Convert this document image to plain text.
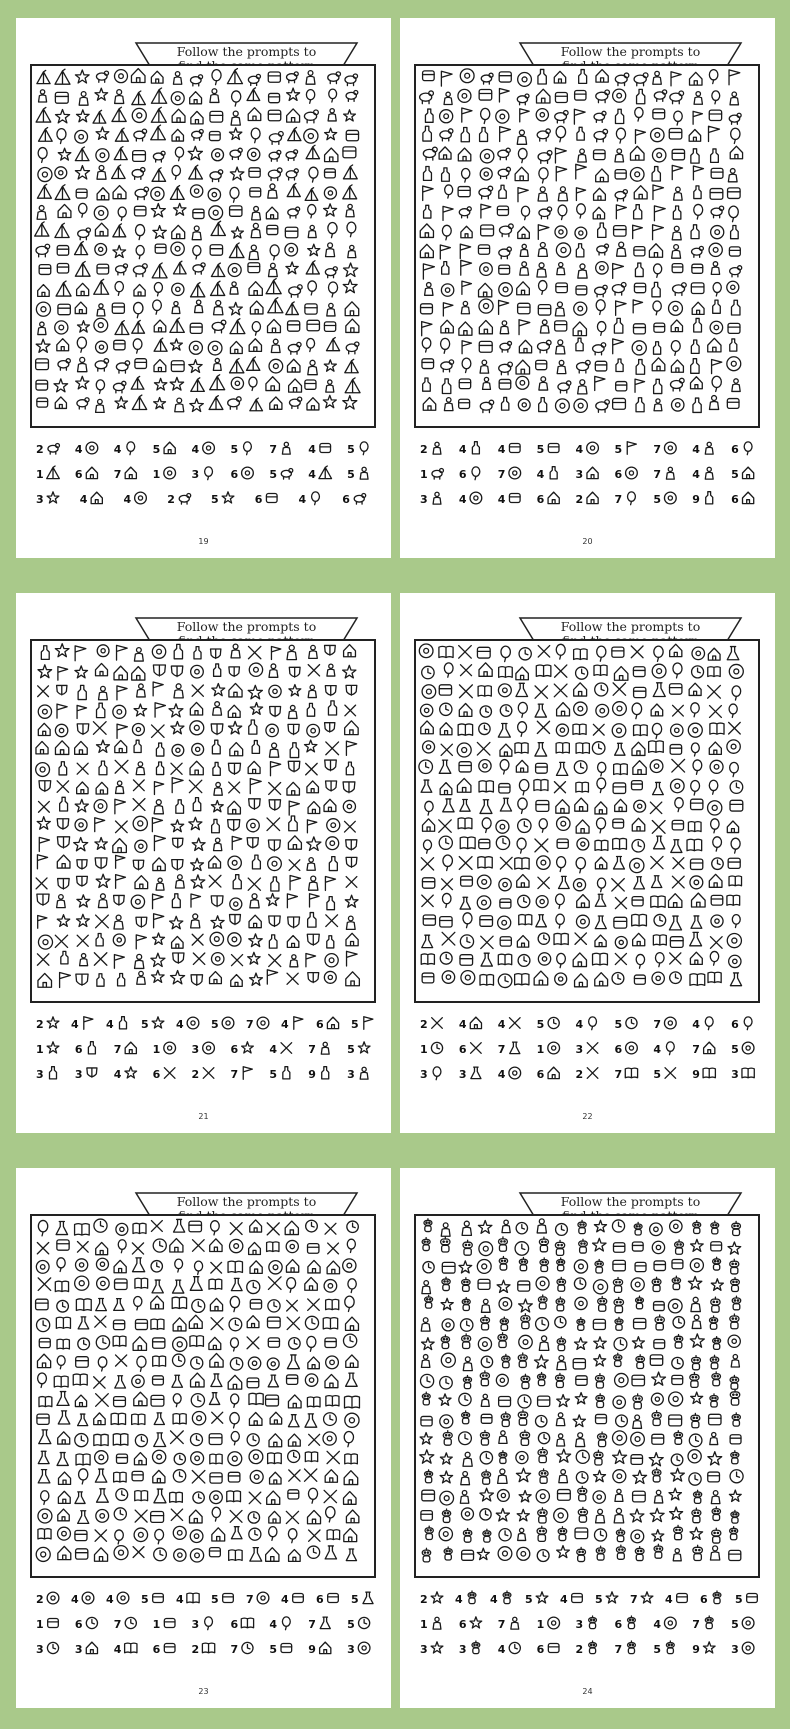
Follow the prompts to
2	4	4	5	4	5	7	4	5
1	6	7	1	3	6	5	4	5
3	4	4	2	5	6	4	6
19
Follow the prompts to
2	4	4	5	4	5	7	4	6
1	6	7	4	3	6	7	4	5
3	4	4	6	2	7	5	9	6
20
Follow the prompts to
2 4 4 5 4 5 7 4 6 5
1	6	7	1	3	6	4	7	5
3	3	4	6	2	7	5	9	3
21
Follow the prompts to
2	4	4	5	4	5	7	4	6
1	6	7	1	3	6	4	7	5
3	3	4	6	2	7	5	9	3
22
Follow the prompts to
2 4 4 5 4 5 7 4 6 5
1	6	7	1	3	6	4	7	5
3	3	4	6	2	7	5	9	3
23
Follow the prompts to
2 4 4 5 4 5 7 4 6 5
1	6	7	1	3	6	4	7	5
3	3	4	6	2	7	5	9	3
24
